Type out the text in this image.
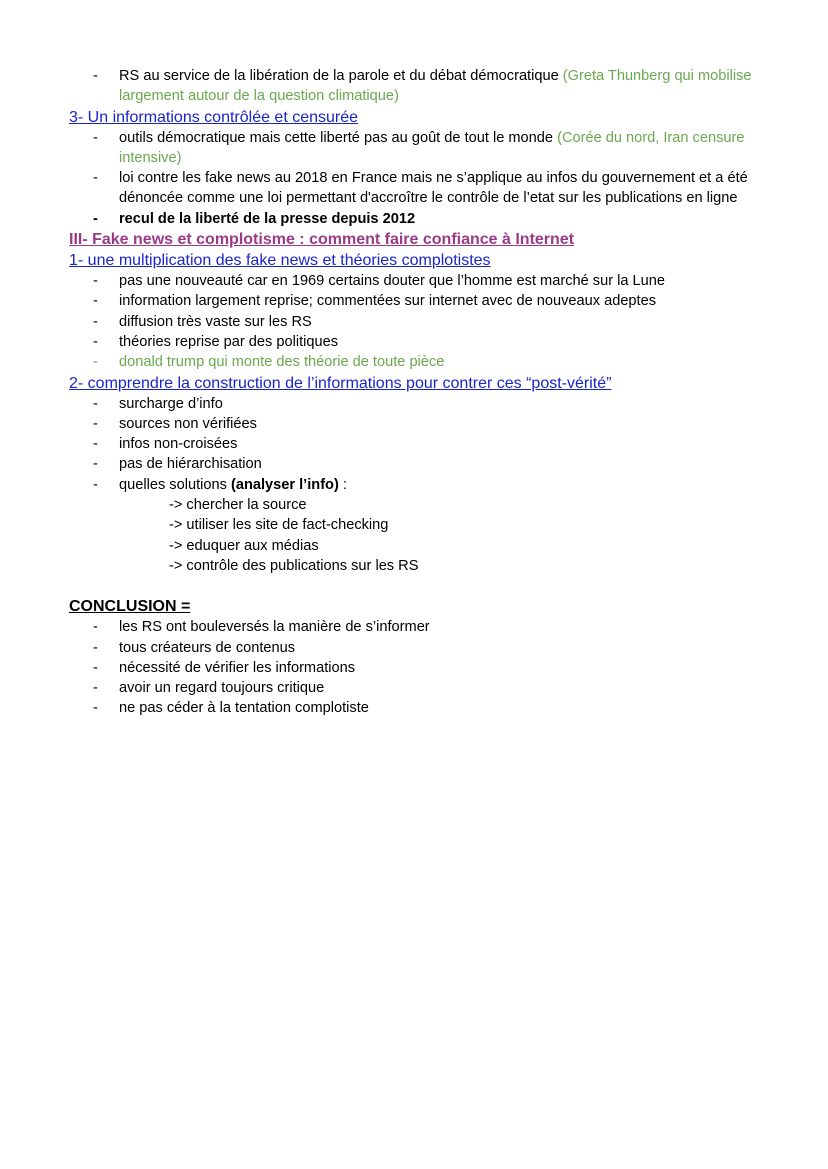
- RS au service de la libération de la parole et du débat démocratique (Greta Thunberg qui mobilise largement autour de la question climatique)
3- Un informations contrôlée et censurée
- outils démocratique mais cette liberté pas au goût de tout le monde (Corée du nord, Iran censure intensive)
- loi contre les fake news au 2018 en France mais ne s’applique au infos du gouvernement et a été dénoncée comme une loi permettant d'accroître le contrôle de l’etat sur les publications en ligne
- recul de la liberté de la presse depuis 2012
III- Fake news et complotisme : comment faire confiance à Internet
1- une multiplication des fake news et théories complotistes
- pas une nouveauté car en 1969 certains douter que l’homme est marché sur la Lune
- information largement reprise; commentées sur internet avec de nouveaux adeptes
- diffusion très vaste sur les RS
- théories reprise par des politiques
- donald trump qui monte des théorie de toute pièce
2- comprendre la construction de l’informations pour contrer ces “post-vérité”
- surcharge d’info
- sources non vérifiées
- infos non-croisées
- pas de hiérarchisation
- quelles solutions (analyser l’info) :
-> chercher la source
-> utiliser les site de fact-checking
-> eduquer aux médias
-> contrôle des publications sur les RS
CONCLUSION =
- les RS ont bouleversés la manière de s’informer
- tous créateurs de contenus
- nécessité de vérifier les informations
- avoir un regard toujours critique
- ne pas céder à la tentation complotiste
